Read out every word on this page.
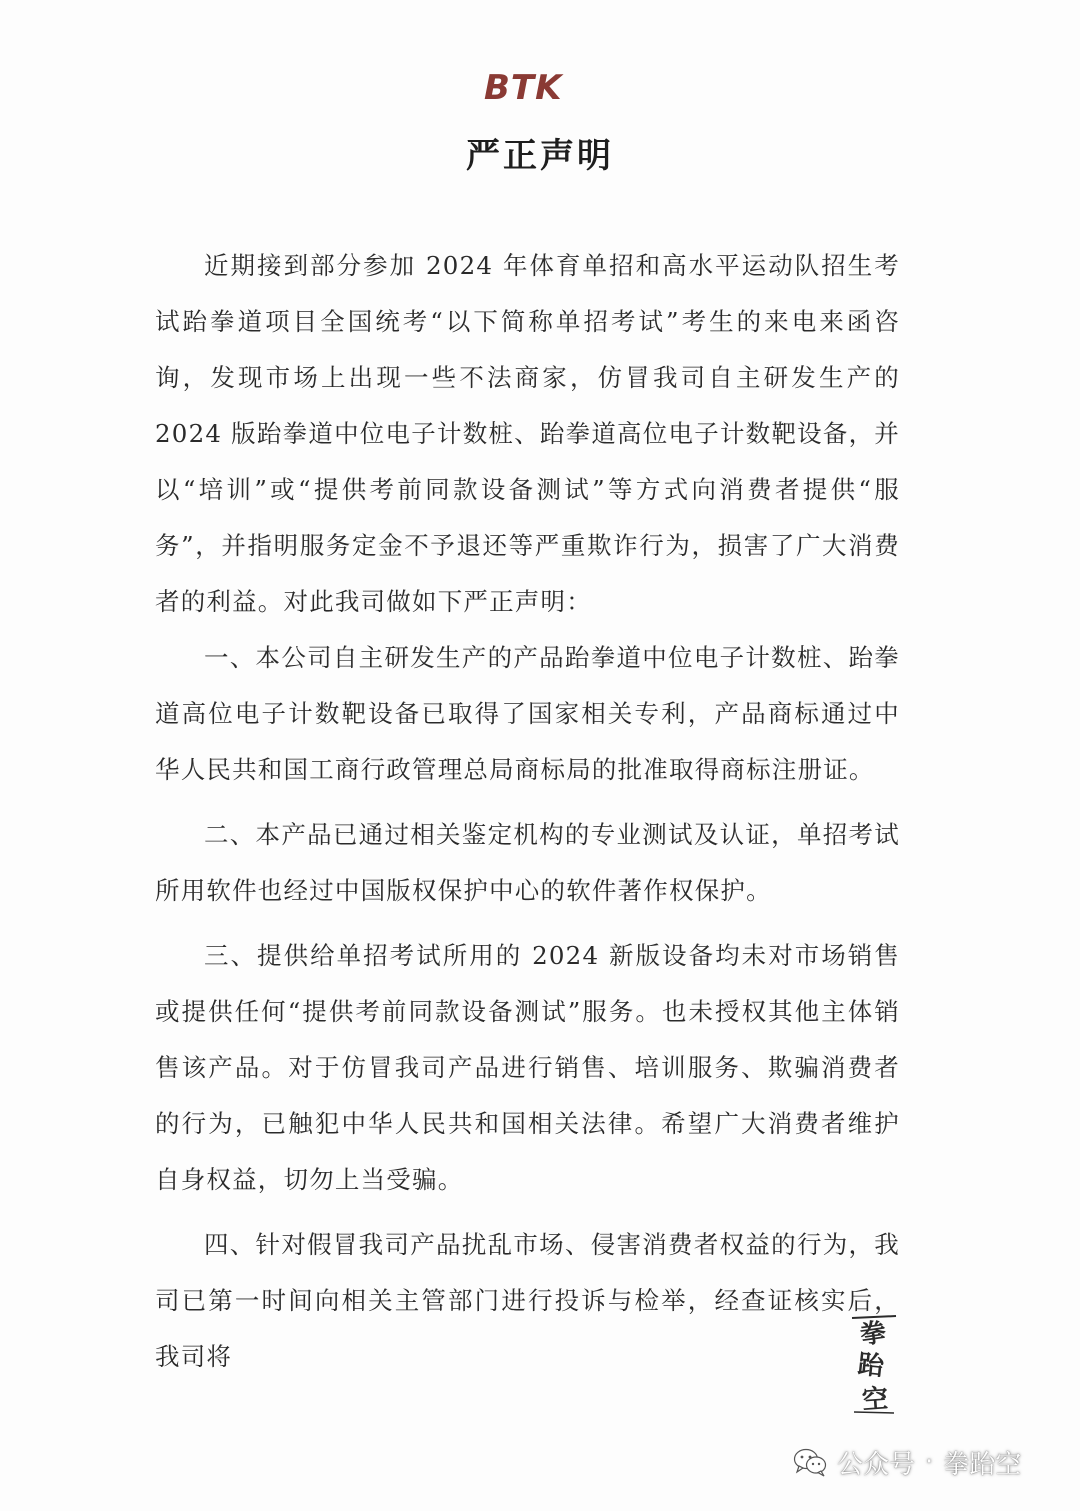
BTK
严正声明

近期接到部分参加 2024 年体育单招和高水平运动队招生考试跆拳道项目全国统考“以下简称单招考试”考生的来电来函咨询，发现市场上出现一些不法商家，仿冒我司自主研发生产的 2024 版跆拳道中位电子计数桩、跆拳道高位电子计数靶设备，并以“培训”或“提供考前同款设备测试”等方式向消费者提供“服务”，并指明服务定金不予退还等严重欺诈行为，损害了广大消费者的利益。对此我司做如下严正声明：

一、本公司自主研发生产的产品跆拳道中位电子计数桩、跆拳道高位电子计数靶设备已取得了国家相关专利，产品商标通过中华人民共和国工商行政管理总局商标局的批准取得商标注册证。

二、本产品已通过相关鉴定机构的专业测试及认证，单招考试所用软件也经过中国版权保护中心的软件著作权保护。

三、提供给单招考试所用的 2024 新版设备均未对市场销售或提供任何“提供考前同款设备测试”服务。也未授权其他主体销售该产品。对于仿冒我司产品进行销售、培训服务、欺骗消费者的行为，已触犯中华人民共和国相关法律。希望广大消费者维护自身权益，切勿上当受骗。

四、针对假冒我司产品扰乱市场、侵害消费者权益的行为，我司已第一时间向相关主管部门进行投诉与检举，经查证核实后，我司将

拳
跆
空
公众号 · 拳跆空
